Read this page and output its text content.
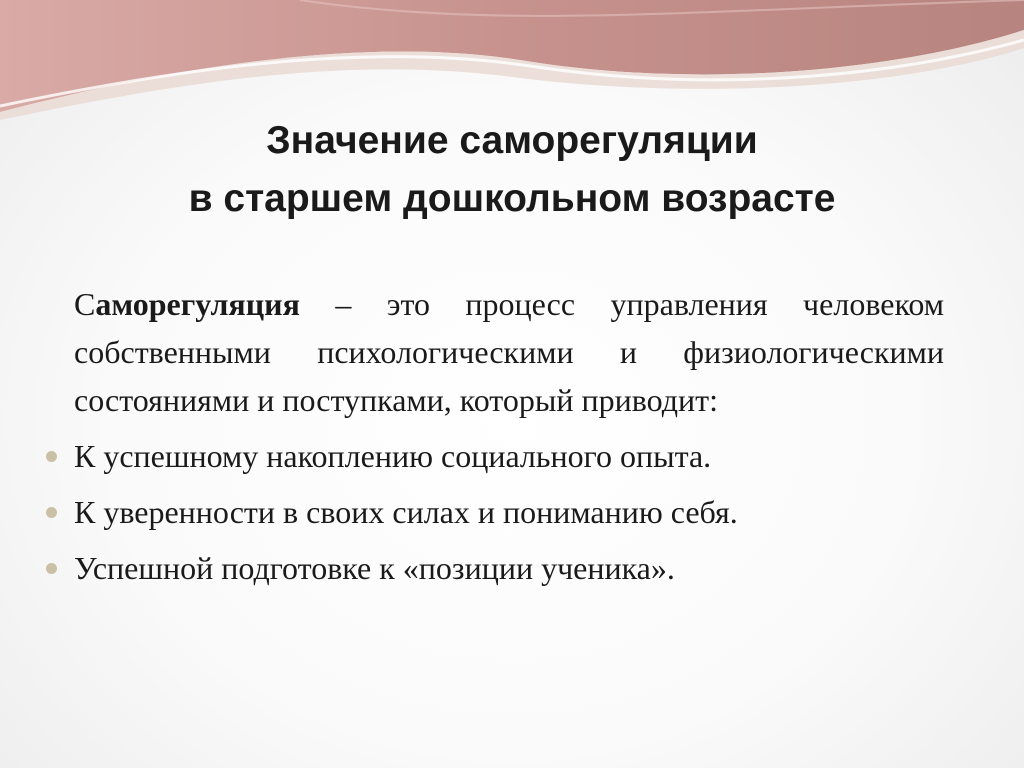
Значение саморегуляции
в старшем дошкольном возрасте

Саморегуляция – это процесс управления человеком собственными психологическими и физиологическими состояниями и поступками, который приводит:

К успешному накоплению социального опыта.
К уверенности в своих силах и пониманию себя.
Успешной подготовке к «позиции ученика».
